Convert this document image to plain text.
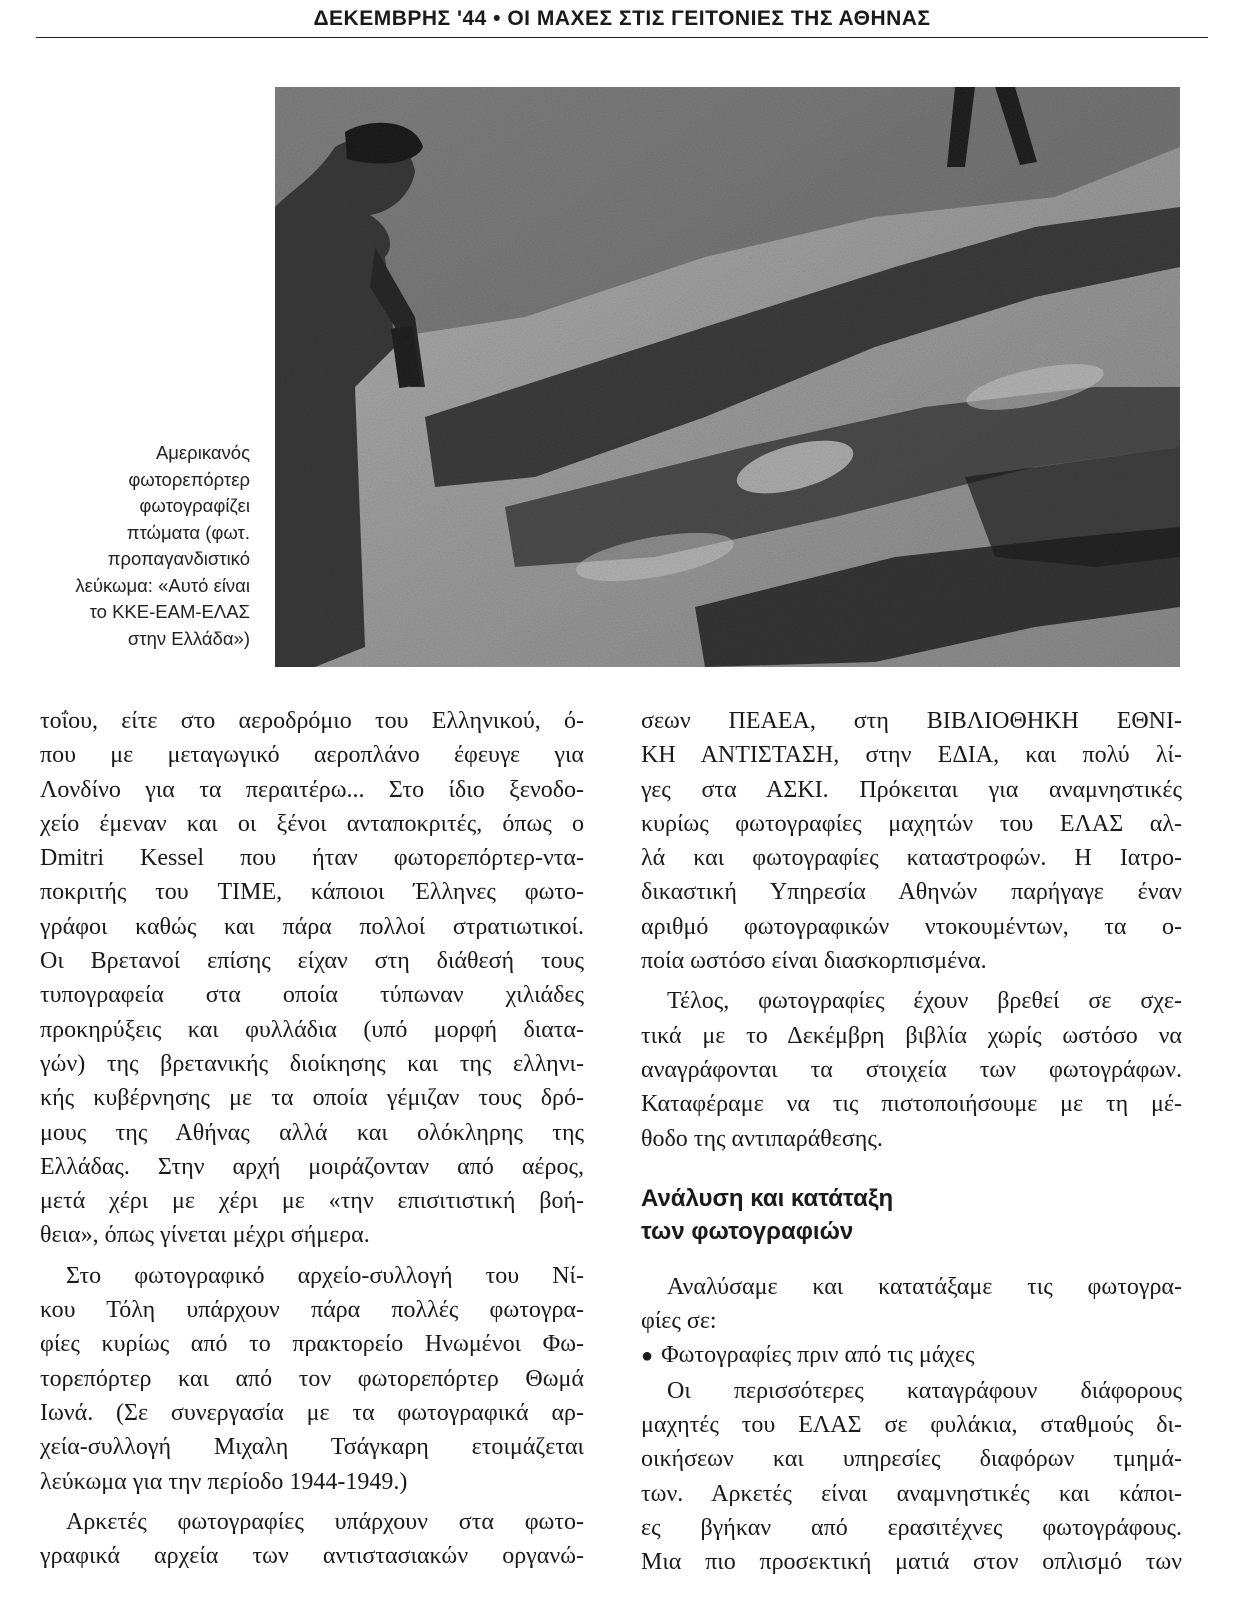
ΔΕΚΕΜΒΡΗΣ '44 • ΟΙ ΜΑΧΕΣ ΣΤΙΣ ΓΕΙΤΟΝΙΕΣ ΤΗΣ ΑΘΗΝΑΣ
Αμερικανός
φωτορεπόρτερ
φωτογραφίζει
πτώματα (φωτ.
προπαγανδιστικό
λεύκωμα: «Αυτό είναι
το ΚΚΕ-ΕΑΜ-ΕΛΑΣ
στην Ελλάδα»)
τοΐου, είτε στο αεροδρόμιο του Ελληνικού, ό-
που με μεταγωγικό αεροπλάνο έφευγε για
Λονδίνο για τα περαιτέρω... Στο ίδιο ξενοδο-
χείο έμεναν και οι ξένοι ανταποκριτές, όπως ο
Dmitri Kessel που ήταν φωτορεπόρτερ-ντα-
ποκριτής του TIME, κάποιοι Έλληνες φωτο-
γράφοι καθώς και πάρα πολλοί στρατιωτικοί.
Οι Βρετανοί επίσης είχαν στη διάθεσή τους
τυπογραφεία στα οποία τύπωναν χιλιάδες
προκηρύξεις και φυλλάδια (υπό μορφή διατα-
γών) της βρετανικής διοίκησης και της ελληνι-
κής κυβέρνησης με τα οποία γέμιζαν τους δρό-
μους της Αθήνας αλλά και ολόκληρης της
Ελλάδας. Στην αρχή μοιράζονταν από αέρος,
μετά χέρι με χέρι με «την επισιτιστική βοή-
θεια», όπως γίνεται μέχρι σήμερα.
Στο φωτογραφικό αρχείο-συλλογή του Νί-
κου Τόλη υπάρχουν πάρα πολλές φωτογρα-
φίες κυρίως από το πρακτορείο Ηνωμένοι Φω-
τορεπόρτερ και από τον φωτορεπόρτερ Θωμά
Ιωνά. (Σε συνεργασία με τα φωτογραφικά αρ-
χεία-συλλογή Μιχαλη Τσάγκαρη ετοιμάζεται
λεύκωμα για την περίοδο 1944-1949.)
Αρκετές φωτογραφίες υπάρχουν στα φωτο-
γραφικά αρχεία των αντιστασιακών οργανώ-
σεων ΠΕΑΕΑ, στη ΒΙΒΛΙΟΘΗΚΗ ΕΘΝΙ-
ΚΗ ΑΝΤΙΣΤΑΣΗ, στην ΕΔΙΑ, και πολύ λί-
γες στα ΑΣΚΙ. Πρόκειται για αναμνηστικές
κυρίως φωτογραφίες μαχητών του ΕΛΑΣ αλ-
λά και φωτογραφίες καταστροφών. Η Ιατρο-
δικαστική Υπηρεσία Αθηνών παρήγαγε έναν
αριθμό φωτογραφικών ντοκουμέντων, τα ο-
ποία ωστόσο είναι διασκορπισμένα.
Τέλος, φωτογραφίες έχουν βρεθεί σε σχε-
τικά με το Δεκέμβρη βιβλία χωρίς ωστόσο να
αναγράφονται τα στοιχεία των φωτογράφων.
Καταφέραμε να τις πιστοποιήσουμε με τη μέ-
θοδο της αντιπαράθεσης.
Ανάλυση και κατάταξη
των φωτογραφιών
Αναλύσαμε και κατατάξαμε τις φωτογρα-
φίες σε:
● Φωτογραφίες πριν από τις μάχες
Οι περισσότερες καταγράφουν διάφορους
μαχητές του ΕΛΑΣ σε φυλάκια, σταθμούς δι-
οικήσεων και υπηρεσίες διαφόρων τμημά-
των. Αρκετές είναι αναμνηστικές και κάποι-
ες βγήκαν από ερασιτέχνες φωτογράφους.
Μια πιο προσεκτική ματιά στον οπλισμό των
